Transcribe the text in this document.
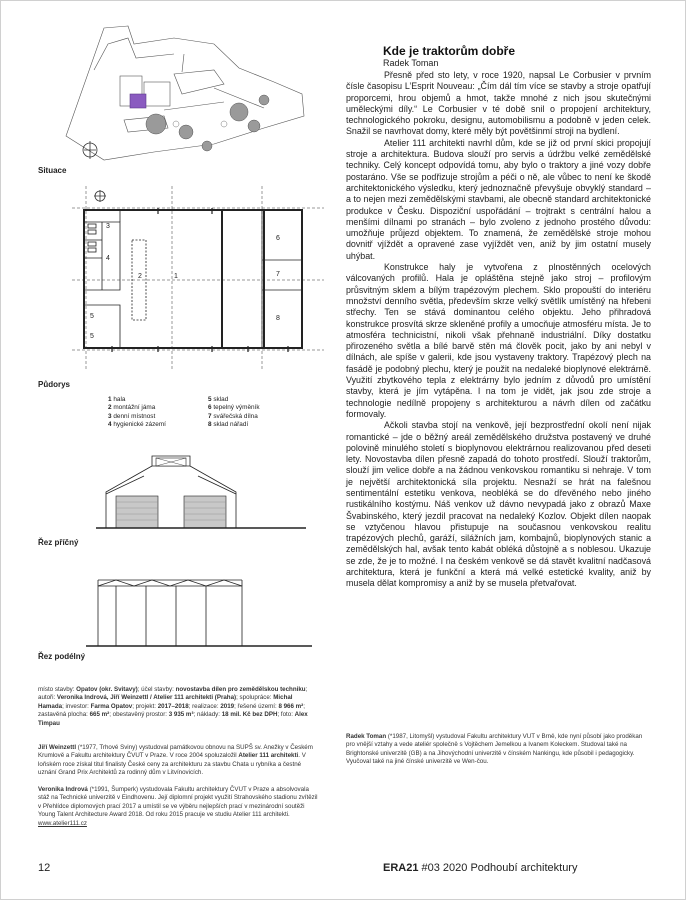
Situace
1
2
3
4
5
5
6
7
8
Půdorys
1 hala
2 montážní jáma
3 denní místnost
4 hygienické zázemí
5 sklad
6 tepelný výměník
7 svářečská dílna
8 sklad nářadí
Řez příčný
Řez podélný
místo stavby: Opatov (okr. Svitavy); účel stavby: novostavba dílen pro zemědělskou techniku; autoři: Veronika Indrová, Jiří Weinzettl / Atelier 111 architekti (Praha); spolupráce: Michal Hamada; investor: Farma Opatov; projekt: 2017–2018; realizace: 2019; řešené území: 8 966 m²; zastavěná plocha: 665 m²; obestavěný prostor: 3 935 m³; náklady: 18 mil. Kč bez DPH; foto: Alex Timpau
Jiří Weinzettl (*1977, Trhové Sviny) vystudoval památkovou obnovu na SUPŠ sv. Anežky v Českém Krumlově a Fakultu architektury ČVUT v Praze. V roce 2004 spoluzaložil Atelier 111 architekti. V loňském roce získal titul finalisty České ceny za architekturu za stavbu Chata u rybníka a čestné uznání Grand Prix Architektů za rodinný dům v Litvínovicích.
Veronika Indrová (*1991, Šumperk) vystudovala Fakultu architektury ČVUT v Praze a absolvovala stáž na Technické univerzitě v Eindhovenu. Její diplomní projekt využití Strahovského stadionu zvítězil v Přehlídce diplomových prací 2017 a umístil se ve výběru nejlepších prací v mezinárodní soutěži Young Talent Architecture Award 2018. Od roku 2015 pracuje ve studiu Atelier 111 architekti.
www.atelier111.cz
Kde je traktorům dobře
Radek Toman

Přesně před sto lety, v roce 1920, napsal Le Corbusier v prvním čísle časopisu L’Esprit Nouveau: „Čím dál tím více se stavby a stroje opatřují proporcemi, hrou objemů a hmot, takže mnohé z nich jsou skutečnými uměleckými díly.“ Le Corbusier v té době snil o propojení architektury, technologického pokroku, designu, automobilismu a podobně v jeden celek. Snažil se navrhovat domy, které měly být povětšinmí stroji na bydlení.

Atelier 111 architekti navrhl dům, kde se již od první skici propojují stroje a architektura. Budova slouží pro servis a údržbu velké zemědělské techniky. Celý koncept odpovídá tomu, aby bylo o traktory a jiné vozy dobře postaráno. Vše se podřizuje strojům a péči o ně, ale vůbec to není ke škodě architektonického výsledku, který jednoznačně převyšuje obvyklý standard – a to nejen mezi zemědělskými stavbami, ale obecně standard architektonické produkce v Česku. Dispoziční uspořádání – trojtrakt s centrální halou a menšími dílnami po stranách – bylo zvoleno z jednoho prostého důvodu: umožňuje průjezd objektem. To znamená, že zemědělské stroje mohou dovnitř vjíždět a opravené zase vyjíždět ven, aniž by jim ostatní musely uhýbat.

Konstrukce haly je vytvořena z plnostěnných ocelových válcovaných profilů. Hala je opláštěna stejně jako stroj – profilovým průsvitným sklem a bílým trapézovým plechem. Sklo propouští do interiéru množství denního světla, především skrze velký světlík umístěný na hřebeni střechy. Ten se stává dominantou celého objektu. Jeho přihradová konstrukce prosvítá skrze skleněné profily a umocňuje atmosféru místa. Je to atmosféra technicistní, nikoli však přehnaně industriální. Díky dostatku přirozeného světla a bílé barvě stěn má člověk pocit, jako by ani nebyl v dílnách, ale spíše v galerii, kde jsou vystaveny traktory. Trapézový plech na fasádě je podobný plechu, který je použit na nedaleké bioplynové elektrárně. Využití zbytkového tepla z elektrárny bylo jedním z důvodů pro umístění stavby, která je jím vytápěna. I na tom je vidět, jak jsou zde stroje a technologie nedílně propojeny s architekturou a návrh dílen od začátku formovaly.

Ačkoli stavba stojí na venkově, její bezprostřední okolí není nijak romantické – jde o běžný areál zemědělského družstva postavený ve druhé polovině minulého století s bioplynovou elektrárnou realizovanou před deseti lety. Novostavba dílen přesně zapadá do tohoto prostředí. Slouží traktorům, slouží jim velice dobře a na žádnou venkovskou romantiku si nehraje. V tom je největší architektonická síla projektu. Nesnaží se hrát na falešnou sentimentální estetiku venkova, neobléká se do dřevěného nebo jiného rustikálního kostýmu. Náš venkov už dávno nevypadá jako z obrazů Maxe Švabinského, který jezdil pracovat na nedaleký Kozlov. Objekt dílen naopak se vztyčenou hlavou přistupuje na současnou venkovskou realitu trapézových plechů, garáží, silážních jam, kombajnů, bioplynových stanic a zemědělských hal, avšak tento kabát obléká důstojně a s noblesou. Ukazuje se zde, že je to možné. I na českém venkově se dá stavět kvalitní nadčasová architektura, která je funkční a která má velké estetické kvality, aniž by musela dělat kompromisy a aniž by se musela přetvařovat.

Radek Toman (*1987, Litomyšl) vystudoval Fakultu architektury VUT v Brně, kde nyní působí jako proděkan pro vnější vztahy a vede ateliér společně s Vojtěchem Jemelkou a Ivanem Koleckem. Studoval také na Brightonské univerzitě (GB) a na Jihovýchodní univerzitě v čínském Nankingu, kde působil i pedagogicky. Vyučoval také na jiné čínské univerzitě ve Wen-čou.
12	ERA21 #03 2020 Podhoubí architektury
